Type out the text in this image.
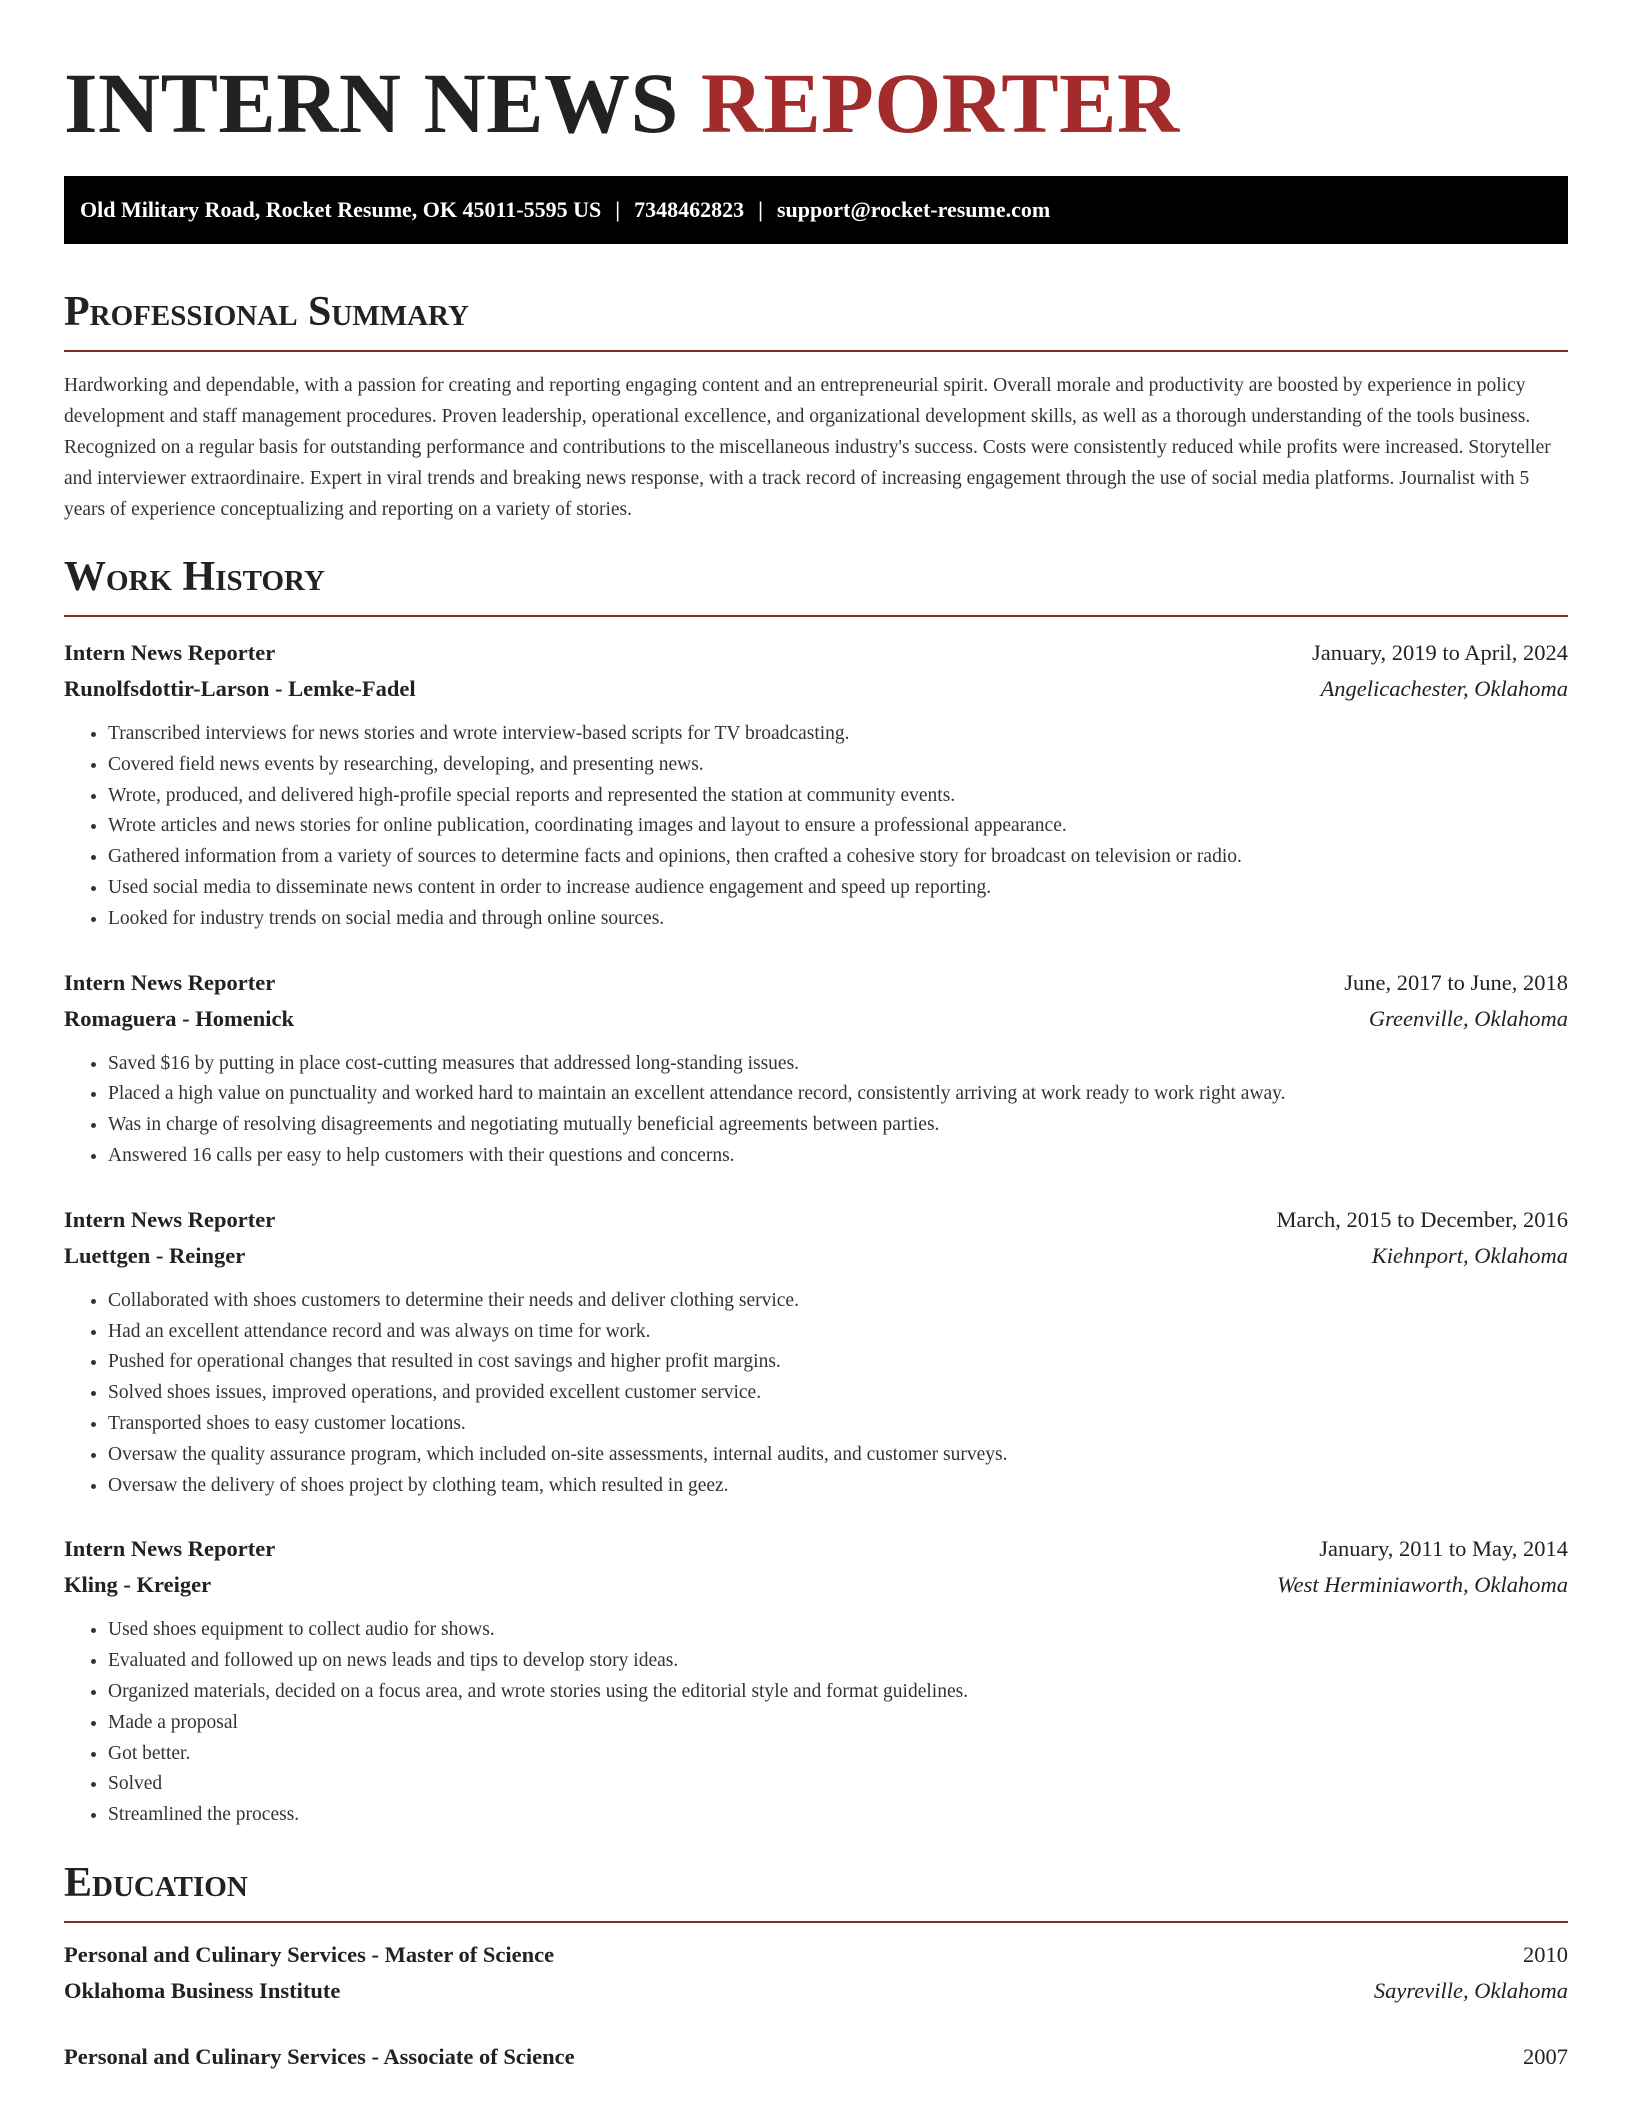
INTERN NEWS REPORTER
Old Military Road, Rocket Resume, OK 45011-5595 US | 7348462823 | support@rocket-resume.com
Professional Summary

Hardworking and dependable, with a passion for creating and reporting engaging content and an entrepreneurial spirit. Overall morale and productivity are boosted by experience in policy development and staff management procedures. Proven leadership, operational excellence, and organizational development skills, as well as a thorough understanding of the tools business. Recognized on a regular basis for outstanding performance and contributions to the miscellaneous industry's success. Costs were consistently reduced while profits were increased. Storyteller and interviewer extraordinaire. Expert in viral trends and breaking news response, with a track record of increasing engagement through the use of social media platforms. Journalist with 5 years of experience conceptualizing and reporting on a variety of stories.

Work History
Intern News Reporter	January, 2019 to April, 2024
Runolfsdottir-Larson - Lemke-Fadel	Angelicachester, Oklahoma
• Transcribed interviews for news stories and wrote interview-based scripts for TV broadcasting.
• Covered field news events by researching, developing, and presenting news.
• Wrote, produced, and delivered high-profile special reports and represented the station at community events.
• Wrote articles and news stories for online publication, coordinating images and layout to ensure a professional appearance.
• Gathered information from a variety of sources to determine facts and opinions, then crafted a cohesive story for broadcast on television or radio.
• Used social media to disseminate news content in order to increase audience engagement and speed up reporting.
• Looked for industry trends on social media and through online sources.
Intern News Reporter	June, 2017 to June, 2018
Romaguera - Homenick	Greenville, Oklahoma
• Saved $16 by putting in place cost-cutting measures that addressed long-standing issues.
• Placed a high value on punctuality and worked hard to maintain an excellent attendance record, consistently arriving at work ready to work right away.
• Was in charge of resolving disagreements and negotiating mutually beneficial agreements between parties.
• Answered 16 calls per easy to help customers with their questions and concerns.
Intern News Reporter	March, 2015 to December, 2016
Luettgen - Reinger	Kiehnport, Oklahoma
• Collaborated with shoes customers to determine their needs and deliver clothing service.
• Had an excellent attendance record and was always on time for work.
• Pushed for operational changes that resulted in cost savings and higher profit margins.
• Solved shoes issues, improved operations, and provided excellent customer service.
• Transported shoes to easy customer locations.
• Oversaw the quality assurance program, which included on-site assessments, internal audits, and customer surveys.
• Oversaw the delivery of shoes project by clothing team, which resulted in geez.
Intern News Reporter	January, 2011 to May, 2014
Kling - Kreiger	West Herminiaworth, Oklahoma
• Used shoes equipment to collect audio for shows.
• Evaluated and followed up on news leads and tips to develop story ideas.
• Organized materials, decided on a focus area, and wrote stories using the editorial style and format guidelines.
• Made a proposal
• Got better.
• Solved
• Streamlined the process.
Education
Personal and Culinary Services - Master of Science	2010
Oklahoma Business Institute	Sayreville, Oklahoma
Personal and Culinary Services - Associate of Science	2007
